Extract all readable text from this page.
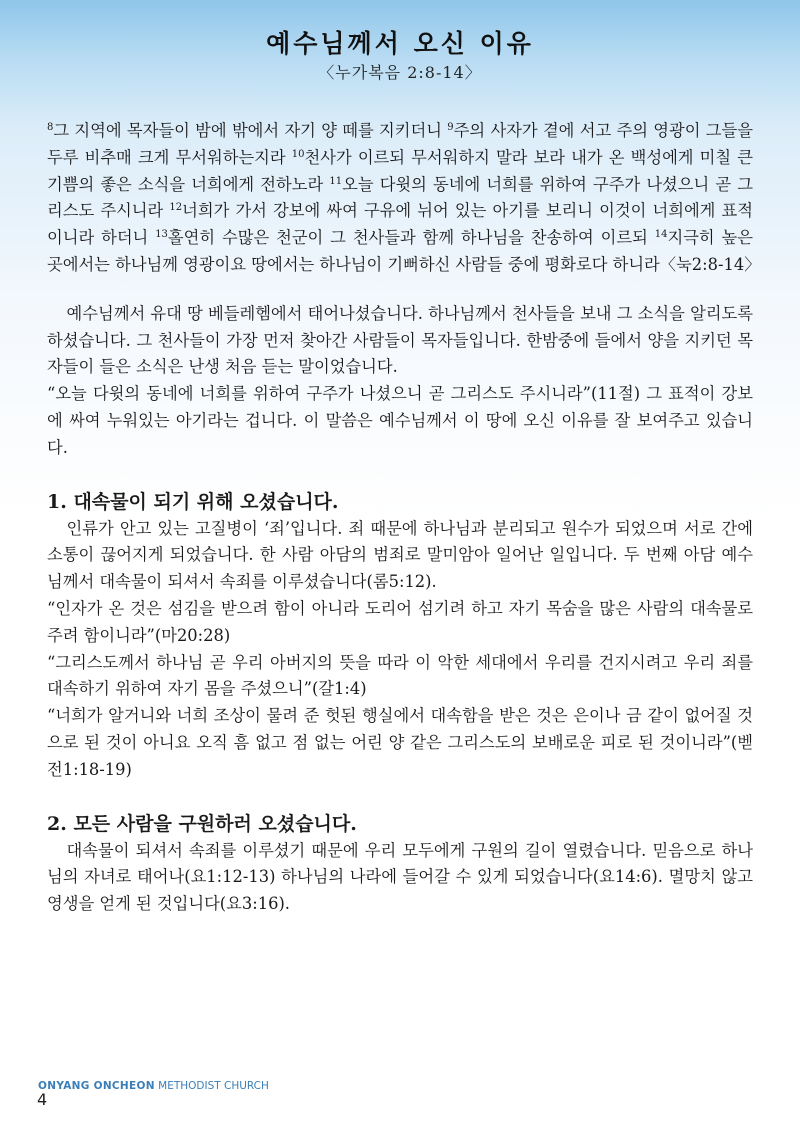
예수님께서 오신 이유
〈누가복음 2:8-14〉

$^8$그 지역에 목자들이 밤에 밖에서 자기 양 떼를 지키더니 $^9$주의 사자가 곁에 서고 주의 영광이 그들을 두루 비추매 크게 무서워하는지라 $^{10}$천사가 이르되 무서워하지 말라 보라 내가 온 백성에게 미칠 큰 기쁨의 좋은 소식을 너희에게 전하노라 $^{11}$오늘 다윗의 동네에 너희를 위하여 구주가 나셨으니 곧 그리스도 주시니라 $^{12}$너희가 가서 강보에 싸여 구유에 뉘어 있는 아기를 보리니 이것이 너희에게 표적이니라 하더니 $^{13}$홀연히 수많은 천군이 그 천사들과 함께 하나님을 찬송하여 이르되 $^{14}$지극히 높은 곳에서는 하나님께 영광이요 땅에서는 하나님이 기뻐하신 사람들 중에 평화로다 하니라〈눅2:8-14〉

예수님께서 유대 땅 베들레헴에서 태어나셨습니다. 하나님께서 천사들을 보내 그 소식을 알리도록 하셨습니다. 그 천사들이 가장 먼저 찾아간 사람들이 목자들입니다. 한밤중에 들에서 양을 지키던 목자들이 들은 소식은 난생 처음 듣는 말이었습니다.

“오늘 다윗의 동네에 너희를 위하여 구주가 나셨으니 곧 그리스도 주시니라”(11절) 그 표적이 강보에 싸여 누워있는 아기라는 겁니다. 이 말씀은 예수님께서 이 땅에 오신 이유를 잘 보여주고 있습니다.

1. 대속물이 되기 위해 오셨습니다.

인류가 안고 있는 고질병이 ‘죄’입니다. 죄 때문에 하나님과 분리되고 원수가 되었으며 서로 간에 소통이 끊어지게 되었습니다. 한 사람 아담의 범죄로 말미암아 일어난 일입니다. 두 번째 아담 예수님께서 대속물이 되셔서 속죄를 이루셨습니다(롬5:12).

“인자가 온 것은 섬김을 받으려 함이 아니라 도리어 섬기려 하고 자기 목숨을 많은 사람의 대속물로 주려 함이니라”(마20:28)

“그리스도께서 하나님 곧 우리 아버지의 뜻을 따라 이 악한 세대에서 우리를 건지시려고 우리 죄를 대속하기 위하여 자기 몸을 주셨으니”(갈1:4)

“너희가 알거니와 너희 조상이 물려 준 헛된 행실에서 대속함을 받은 것은 은이나 금 같이 없어질 것으로 된 것이 아니요 오직 흠 없고 점 없는 어린 양 같은 그리스도의 보배로운 피로 된 것이니라”(벧전1:18-19)

2. 모든 사람을 구원하러 오셨습니다.

대속물이 되셔서 속죄를 이루셨기 때문에 우리 모두에게 구원의 길이 열렸습니다. 믿음으로 하나님의 자녀로 태어나(요1:12-13) 하나님의 나라에 들어갈 수 있게 되었습니다(요14:6). 멸망치 않고 영생을 얻게 된 것입니다(요3:16).

ONYANG ONCHEON METHODIST CHURCH
4
